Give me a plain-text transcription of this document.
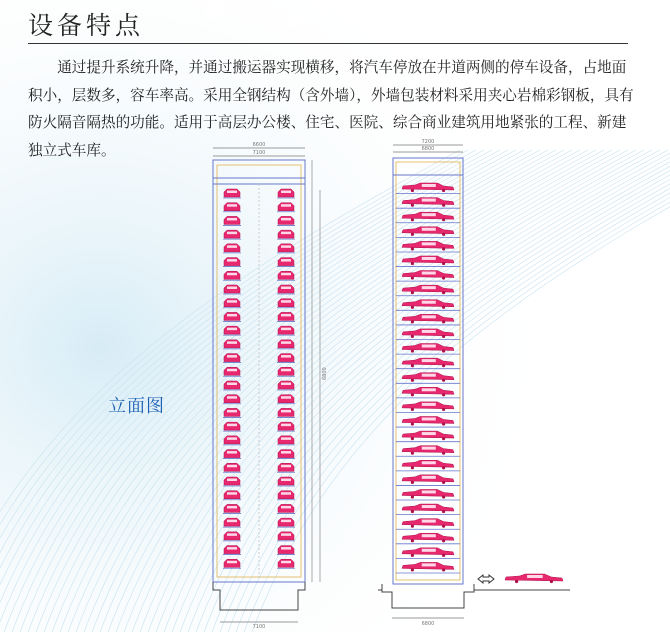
设备特点

通过提升系统升降，并通过搬运器实现横移，将汽车停放在井道两侧的停车设备，占地面积小，层数多，容车率高。采用全钢结构（含外墙），外墙包装材料采用夹心岩棉彩钢板，具有防火隔音隔热的功能。适用于高层办公楼、住宅、医院、综合商业建筑用地紧张的工程、新建独立式车库。

立面图
6600
7100
7100
6800
7200
6800
6800
